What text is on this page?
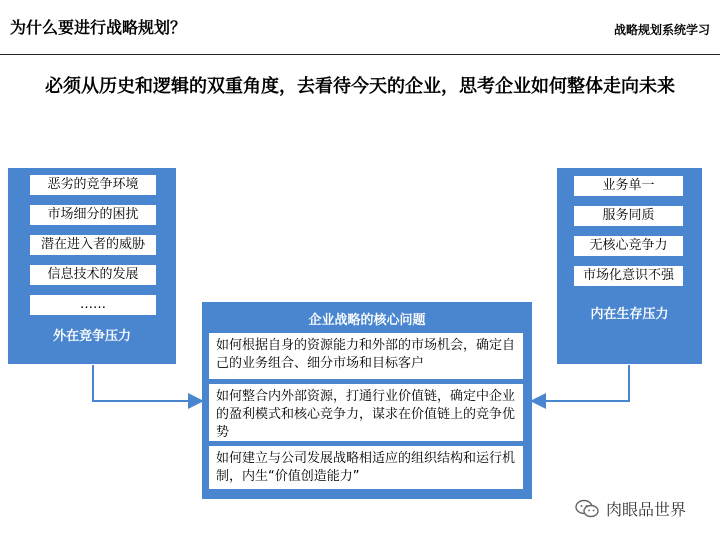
为什么要进行战略规划？	战略规划系统学习
必须从历史和逻辑的双重角度，去看待今天的企业，思考企业如何整体走向未来
恶劣的竞争环境
市场细分的困扰
潜在进入者的威胁
信息技术的发展
……
外在竞争压力
业务单一
服务同质
无核心竞争力
市场化意识不强
内在生存压力
企业战略的核心问题
如何根据自身的资源能力和外部的市场机会，确定自己的业务组合、细分市场和目标客户
如何整合内外部资源，打通行业价值链，确定中企业的盈利模式和核心竞争力，谋求在价值链上的竞争优势
如何建立与公司发展战略相适应的组织结构和运行机制，内生“价值创造能力”
肉眼品世界
